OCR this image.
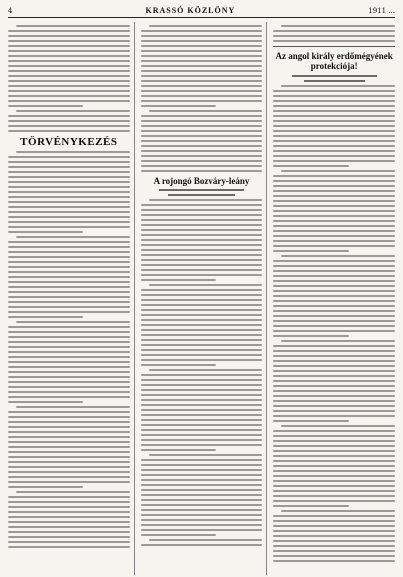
4	KRASSÓ KÖZLÖNY	1911 ...
TÖRVÉNYKEZÉS
A rojongó Bozváry-leány
Az angol király erdőmégyének protekciója!
